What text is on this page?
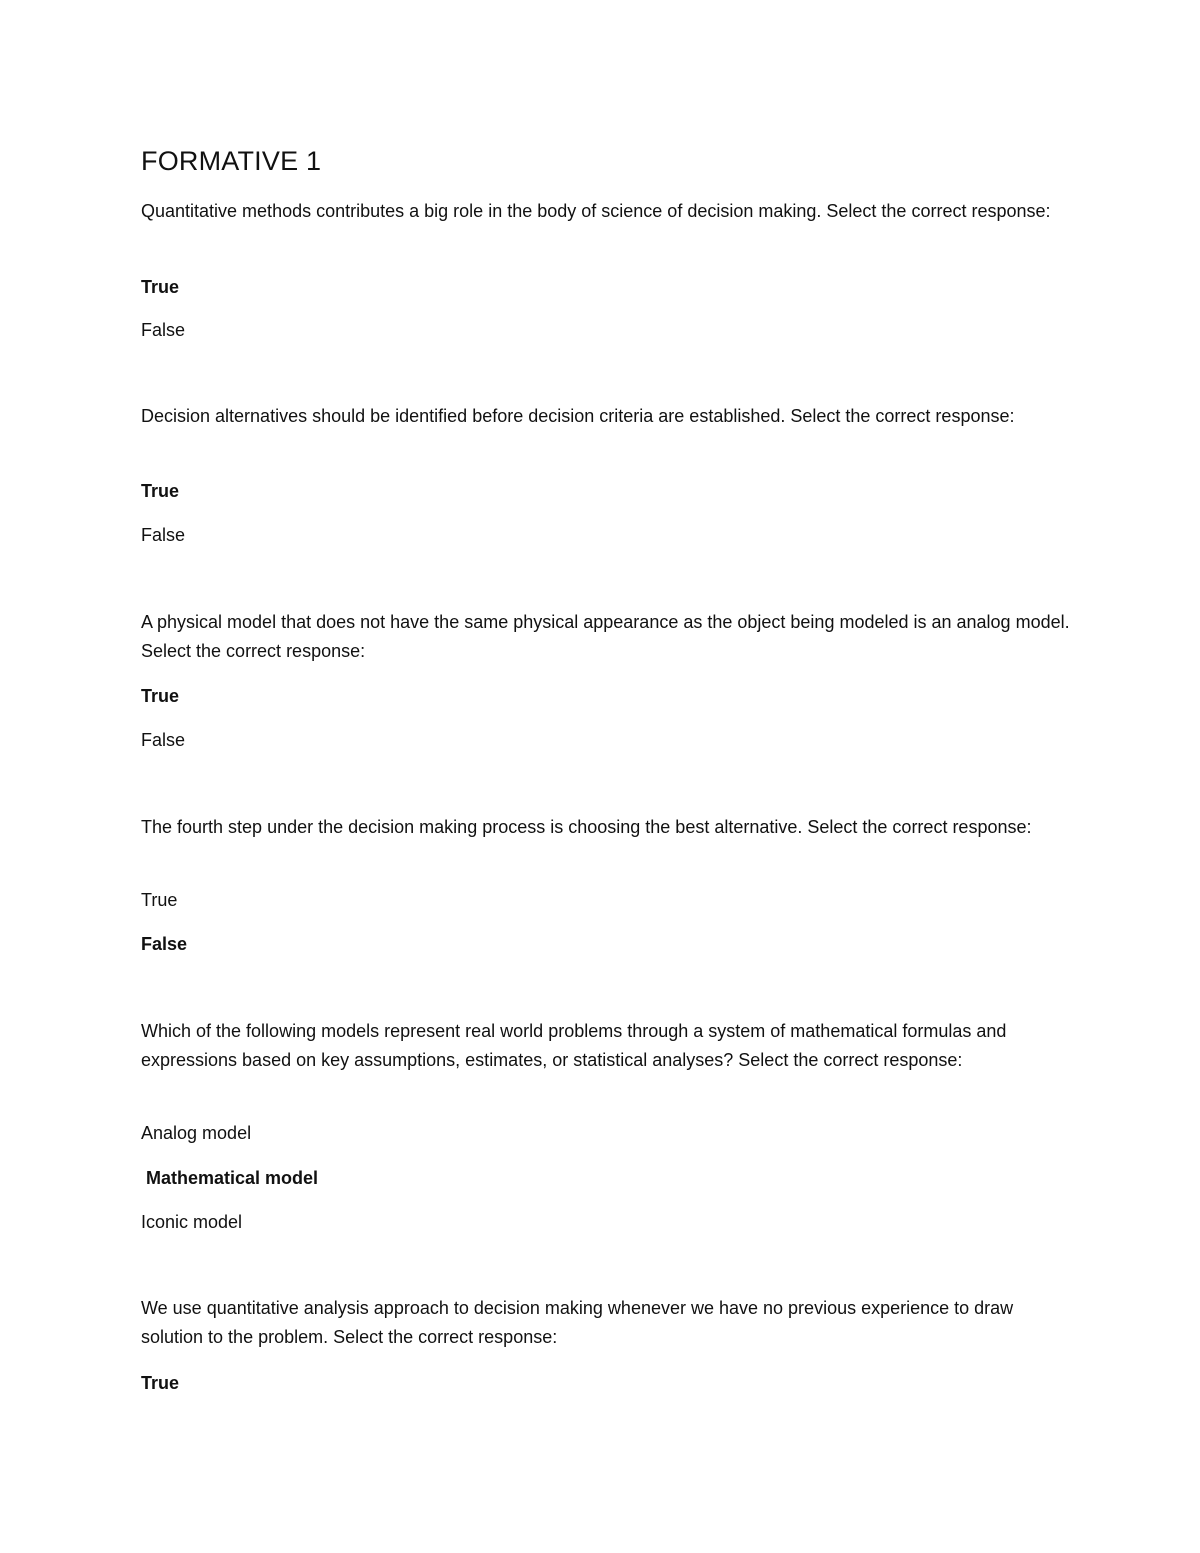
FORMATIVE 1

Quantitative methods contributes a big role in the body of science of decision making. Select the correct response:

True

False

Decision alternatives should be identified before decision criteria are established. Select the correct response:

True

False

A physical model that does not have the same physical appearance as the object being modeled is an analog model. Select the correct response:

True

False

The fourth step under the decision making process is choosing the best alternative. Select the correct response:

True

False

Which of the following models represent real world problems through a system of mathematical formulas and expressions based on key assumptions, estimates, or statistical analyses? Select the correct response:

Analog model

Mathematical model

Iconic model

We use quantitative analysis approach to decision making whenever we have no previous experience to draw solution to the problem. Select the correct response:

True
